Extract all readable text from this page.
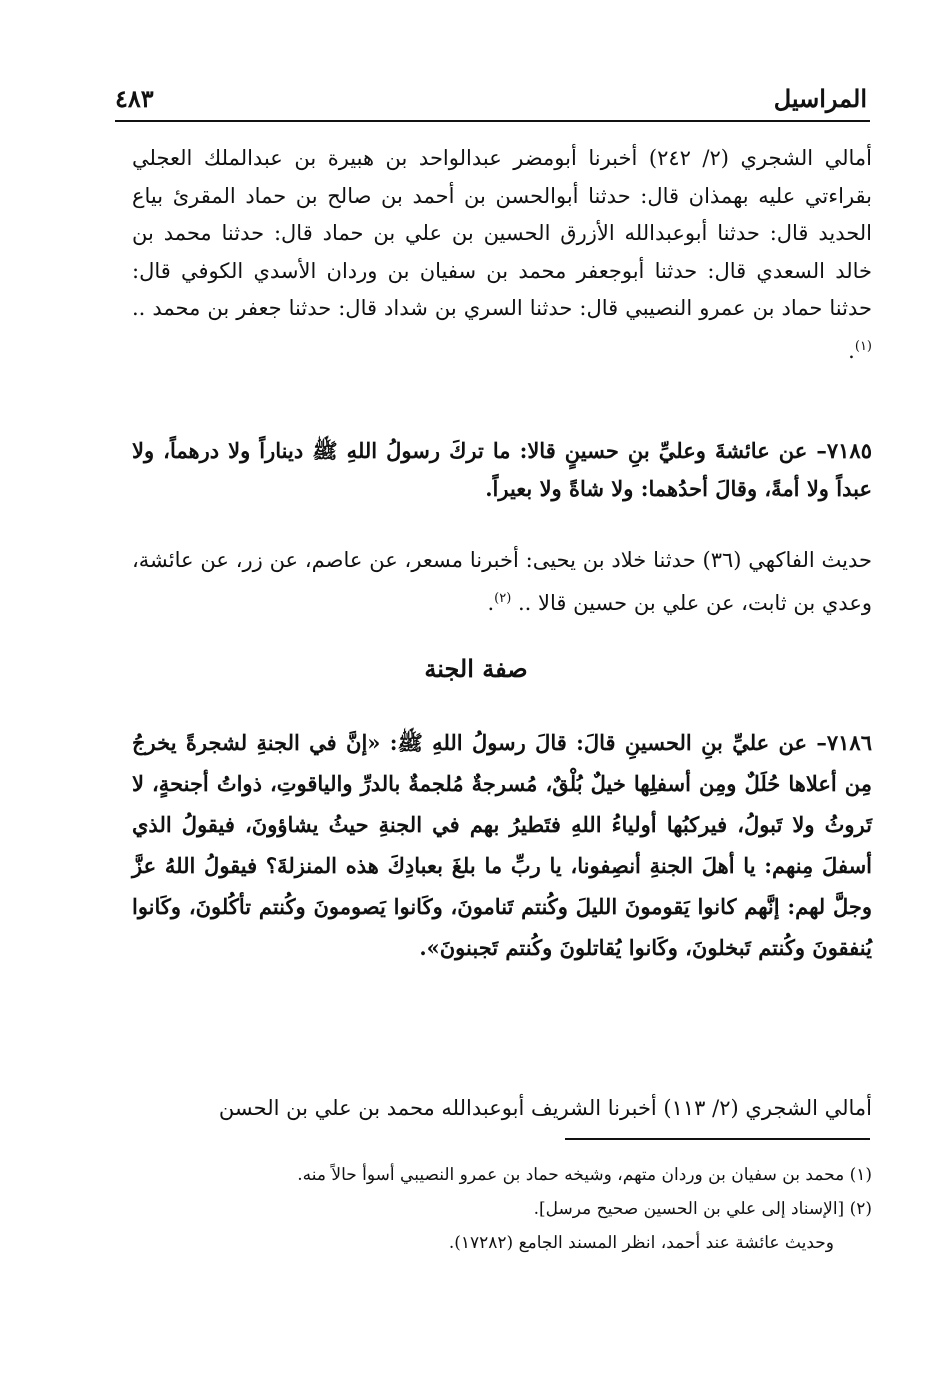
المراسيل
٤٨٣
أمالي الشجري (٢/ ٢٤٢) أخبرنا أبومضر عبدالواحد بن هبيرة بن عبدالملك العجلي بقراءتي عليه بهمذان قال: حدثنا أبوالحسن بن أحمد بن صالح بن حماد المقرئ بياع الحديد قال: حدثنا أبوعبدالله الأزرق الحسين بن علي بن حماد قال: حدثنا محمد بن خالد السعدي قال: حدثنا أبوجعفر محمد بن سفيان بن وردان الأسدي الكوفي قال: حدثنا حماد بن عمرو النصيبي قال: حدثنا السري بن شداد قال: حدثنا جعفر بن محمد .. $^{(١)}$.
٧١٨٥– عن عائشةَ وعليِّ بنِ حسينٍ قالا: ما تركَ رسولُ اللهِ ﷺ ديناراً ولا درهماً، ولا عبداً ولا أمةً، وقالَ أحدُهما: ولا شاةً ولا بعيراً.
حديث الفاكهي (٣٦) حدثنا خلاد بن يحيى: أخبرنا مسعر، عن عاصم، عن زر، عن عائشة، وعدي بن ثابت، عن علي بن حسين قالا .. $^{(٢)}$.
صفة الجنة
٧١٨٦– عن عليِّ بنِ الحسينِ قالَ: قالَ رسولُ اللهِ ﷺ: «إنَّ في الجنةِ لشجرةً يخرجُ مِن أعلاها حُلَلٌ ومِن أسفلِها خيلٌ بُلْقٌ، مُسرجةٌ مُلجمةٌ بالدرِّ والياقوتِ، ذواتُ أجنحةٍ، لا تَروثُ ولا تَبولُ، فيركبُها أولياءُ اللهِ فتَطيرُ بهم في الجنةِ حيثُ يشاؤونَ، فيقولُ الذي أسفلَ مِنهم: يا أهلَ الجنةِ أنصِفونا، يا ربِّ ما بلغَ بعبادِكَ هذه المنزلةَ؟ فيقولُ اللهُ عزَّ وجلَّ لهم: إنَّهم كانوا يَقومونَ الليلَ وكُنتم تَنامونَ، وكَانوا يَصومونَ وكُنتم تأكُلونَ، وكَانوا يُنفقونَ وكُنتم تَبخلونَ، وكَانوا يُقاتلونَ وكُنتم تَجبنونَ».
أمالي الشجري (٢/ ١١٣) أخبرنا الشريف أبوعبدالله محمد بن علي بن الحسن

(١) محمد بن سفيان بن وردان متهم، وشيخه حماد بن عمرو النصيبي أسوأ حالاً منه.

(٢) [الإسناد إلى علي بن الحسين صحيح مرسل].

وحديث عائشة عند أحمد، انظر المسند الجامع (١٧٢٨٢).
